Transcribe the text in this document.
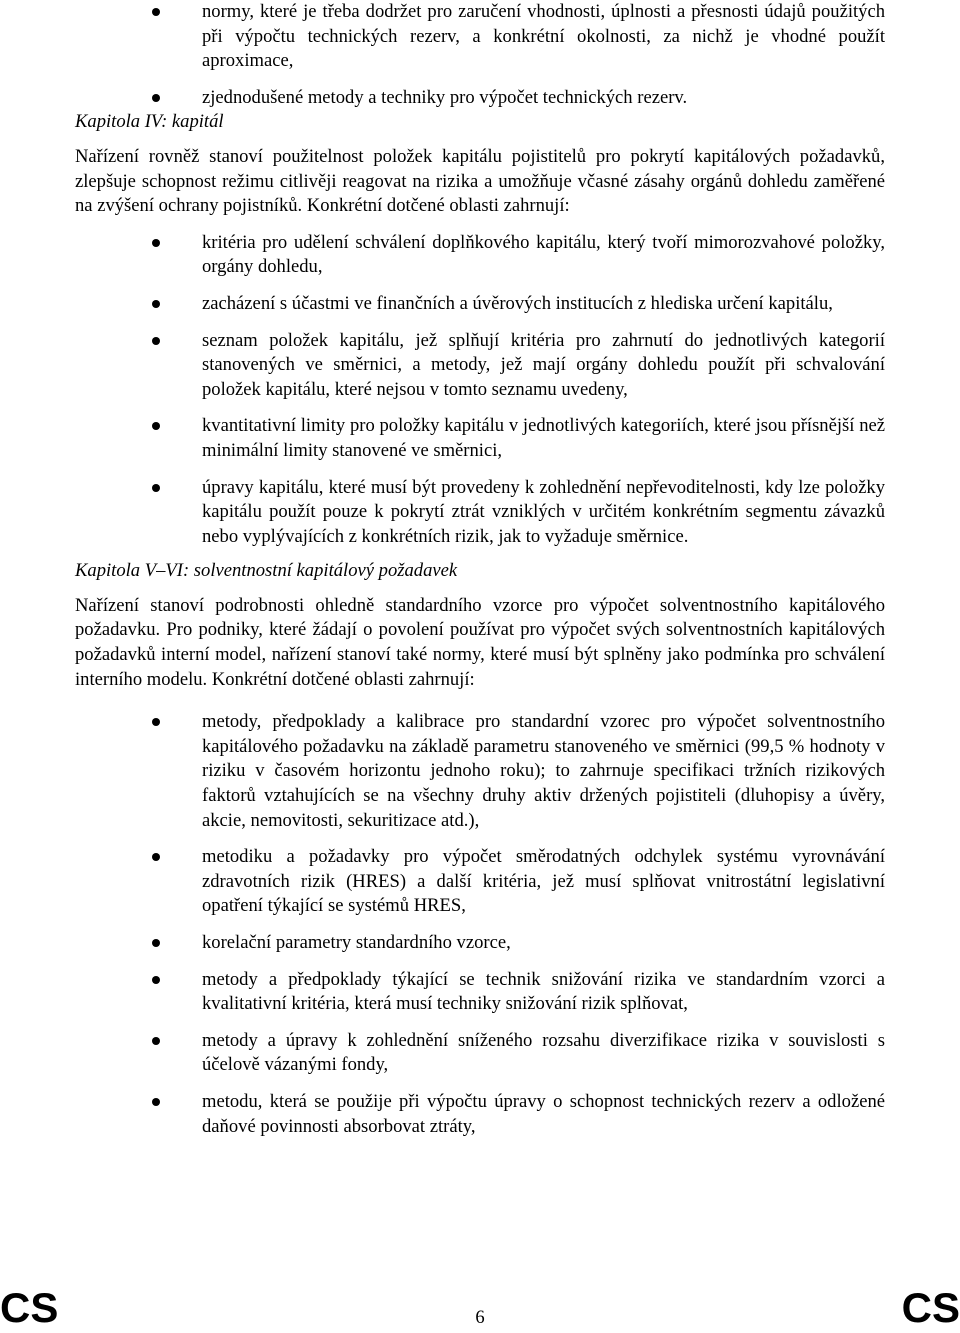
normy, které je třeba dodržet pro zaručení vhodnosti, úplnosti a přesnosti údajů použitých při výpočtu technických rezerv, a konkrétní okolnosti, za nichž je vhodné použít aproximace,
zjednodušené metody a techniky pro výpočet technických rezerv.

Kapitola IV: kapitál

Nařízení rovněž stanoví použitelnost položek kapitálu pojistitelů pro pokrytí kapitálových požadavků, zlepšuje schopnost režimu citlivěji reagovat na rizika a umožňuje včasné zásahy orgánů dohledu zaměřené na zvýšení ochrany pojistníků. Konkrétní dotčené oblasti zahrnují:

kritéria pro udělení schválení doplňkového kapitálu, který tvoří mimorozvahové položky, orgány dohledu,
zacházení s účastmi ve finančních a úvěrových institucích z hlediska určení kapitálu,
seznam položek kapitálu, jež splňují kritéria pro zahrnutí do jednotlivých kategorií stanovených ve směrnici, a metody, jež mají orgány dohledu použít při schvalování položek kapitálu, které nejsou v tomto seznamu uvedeny,
kvantitativní limity pro položky kapitálu v jednotlivých kategoriích, které jsou přísnější než minimální limity stanovené ve směrnici,
úpravy kapitálu, které musí být provedeny k zohlednění nepřevoditelnosti, kdy lze položky kapitálu použít pouze k pokrytí ztrát vzniklých v určitém konkrétním segmentu závazků nebo vyplývajících z konkrétních rizik, jak to vyžaduje směrnice.

Kapitola V–VI: solventnostní kapitálový požadavek

Nařízení stanoví podrobnosti ohledně standardního vzorce pro výpočet solventnostního kapitálového požadavku. Pro podniky, které žádají o povolení používat pro výpočet svých solventnostních kapitálových požadavků interní model, nařízení stanoví také normy, které musí být splněny jako podmínka pro schválení interního modelu. Konkrétní dotčené oblasti zahrnují:

metody, předpoklady a kalibrace pro standardní vzorec pro výpočet solventnostního kapitálového požadavku na základě parametru stanoveného ve směrnici (99,5 % hodnoty v riziku v časovém horizontu jednoho roku); to zahrnuje specifikaci tržních rizikových faktorů vztahujících se na všechny druhy aktiv držených pojistiteli (dluhopisy a úvěry, akcie, nemovitosti, sekuritizace atd.),
metodiku a požadavky pro výpočet směrodatných odchylek systému vyrovnávání zdravotních rizik (HRES) a další kritéria, jež musí splňovat vnitrostátní legislativní opatření týkající se systémů HRES,
korelační parametry standardního vzorce,
metody a předpoklady týkající se technik snižování rizika ve standardním vzorci a kvalitativní kritéria, která musí techniky snižování rizik splňovat,
metody a úpravy k zohlednění sníženého rozsahu diverzifikace rizika v souvislosti s účelově vázanými fondy,
metodu, která se použije při výpočtu úpravy o schopnost technických rezerv a odložené daňové povinnosti absorbovat ztráty,
CS	6	CS
